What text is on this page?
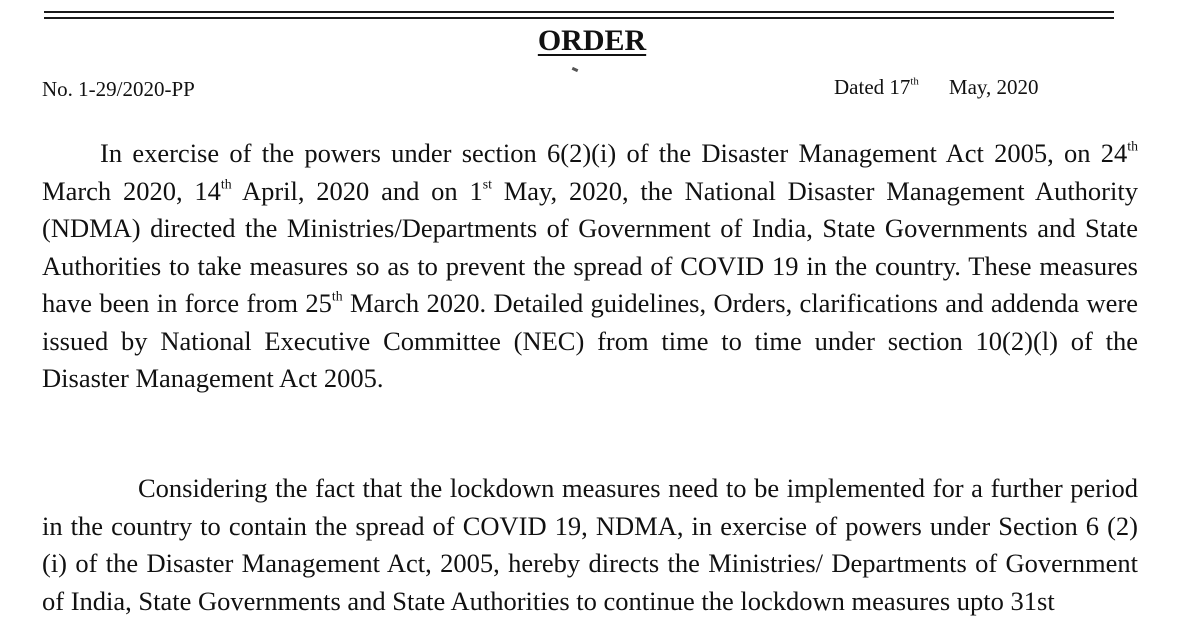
ORDER
No. 1-29/2020-PP	Dated 17th May, 2020
In exercise of the powers under section 6(2)(i) of the Disaster Management Act 2005, on 24th March 2020, 14th April, 2020 and on 1st May, 2020, the National Disaster Management Authority (NDMA) directed the Ministries/Departments of Government of India, State Governments and State Authorities to take measures so as to prevent the spread of COVID 19 in the country. These measures have been in force from 25th March 2020. Detailed guidelines, Orders, clarifications and addenda were issued by National Executive Committee (NEC) from time to time under section 10(2)(l) of the Disaster Management Act 2005.
Considering the fact that the lockdown measures need to be implemented for a further period in the country to contain the spread of COVID 19, NDMA, in exercise of powers under Section 6 (2) (i) of the Disaster Management Act, 2005, hereby directs the Ministries/ Departments of Government of India, State Governments and State Authorities to continue the lockdown measures upto 31st
